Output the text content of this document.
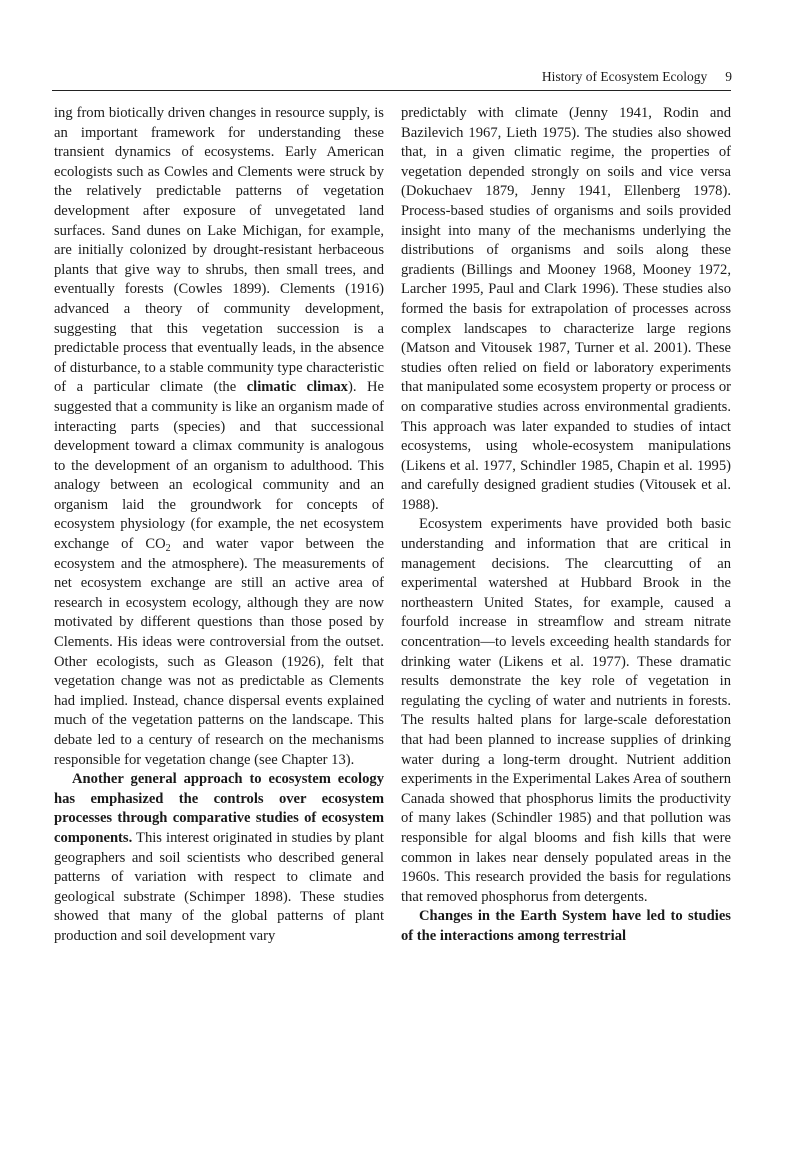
History of Ecosystem Ecology 9

ing from biotically driven changes in resource supply, is an important framework for understanding these transient dynamics of ecosystems. Early American ecologists such as Cowles and Clements were struck by the relatively predictable patterns of vegetation development after exposure of unvegetated land surfaces. Sand dunes on Lake Michigan, for example, are initially colonized by drought-resistant herbaceous plants that give way to shrubs, then small trees, and eventually forests (Cowles 1899). Clements (1916) advanced a theory of community development, suggesting that this vegetation succession is a predictable process that eventually leads, in the absence of disturbance, to a stable community type characteristic of a particular climate (the climatic climax). He suggested that a community is like an organism made of interacting parts (species) and that successional development toward a climax community is analogous to the development of an organism to adulthood. This analogy between an ecological community and an organism laid the groundwork for concepts of ecosystem physiology (for example, the net ecosystem exchange of $CO_2$ and water vapor between the ecosystem and the atmosphere). The measurements of net ecosystem exchange are still an active area of research in ecosystem ecology, although they are now motivated by different questions than those posed by Clements. His ideas were controversial from the outset. Other ecologists, such as Gleason (1926), felt that vegetation change was not as predictable as Clements had implied. Instead, chance dispersal events explained much of the vegetation patterns on the landscape. This debate led to a century of research on the mechanisms responsible for vegetation change (see Chapter 13).

Another general approach to ecosystem ecology has emphasized the controls over ecosystem processes through comparative studies of ecosystem components. This interest originated in studies by plant geographers and soil scientists who described general patterns of variation with respect to climate and geological substrate (Schimper 1898). These studies showed that many of the global patterns of plant production and soil development vary

predictably with climate (Jenny 1941, Rodin and Bazilevich 1967, Lieth 1975). The studies also showed that, in a given climatic regime, the properties of vegetation depended strongly on soils and vice versa (Dokuchaev 1879, Jenny 1941, Ellenberg 1978). Process-based studies of organisms and soils provided insight into many of the mechanisms underlying the distributions of organisms and soils along these gradients (Billings and Mooney 1968, Mooney 1972, Larcher 1995, Paul and Clark 1996). These studies also formed the basis for extrapolation of processes across complex landscapes to characterize large regions (Matson and Vitousek 1987, Turner et al. 2001). These studies often relied on field or laboratory experiments that manipulated some ecosystem property or process or on comparative studies across environmental gradients. This approach was later expanded to studies of intact ecosystems, using whole-ecosystem manipulations (Likens et al. 1977, Schindler 1985, Chapin et al. 1995) and carefully designed gradient studies (Vitousek et al. 1988).

Ecosystem experiments have provided both basic understanding and information that are critical in management decisions. The clearcutting of an experimental watershed at Hubbard Brook in the northeastern United States, for example, caused a fourfold increase in streamflow and stream nitrate concentration—to levels exceeding health standards for drinking water (Likens et al. 1977). These dramatic results demonstrate the key role of vegetation in regulating the cycling of water and nutrients in forests. The results halted plans for large-scale deforestation that had been planned to increase supplies of drinking water during a long-term drought. Nutrient addition experiments in the Experimental Lakes Area of southern Canada showed that phosphorus limits the productivity of many lakes (Schindler 1985) and that pollution was responsible for algal blooms and fish kills that were common in lakes near densely populated areas in the 1960s. This research provided the basis for regulations that removed phosphorus from detergents.

Changes in the Earth System have led to studies of the interactions among terrestrial
